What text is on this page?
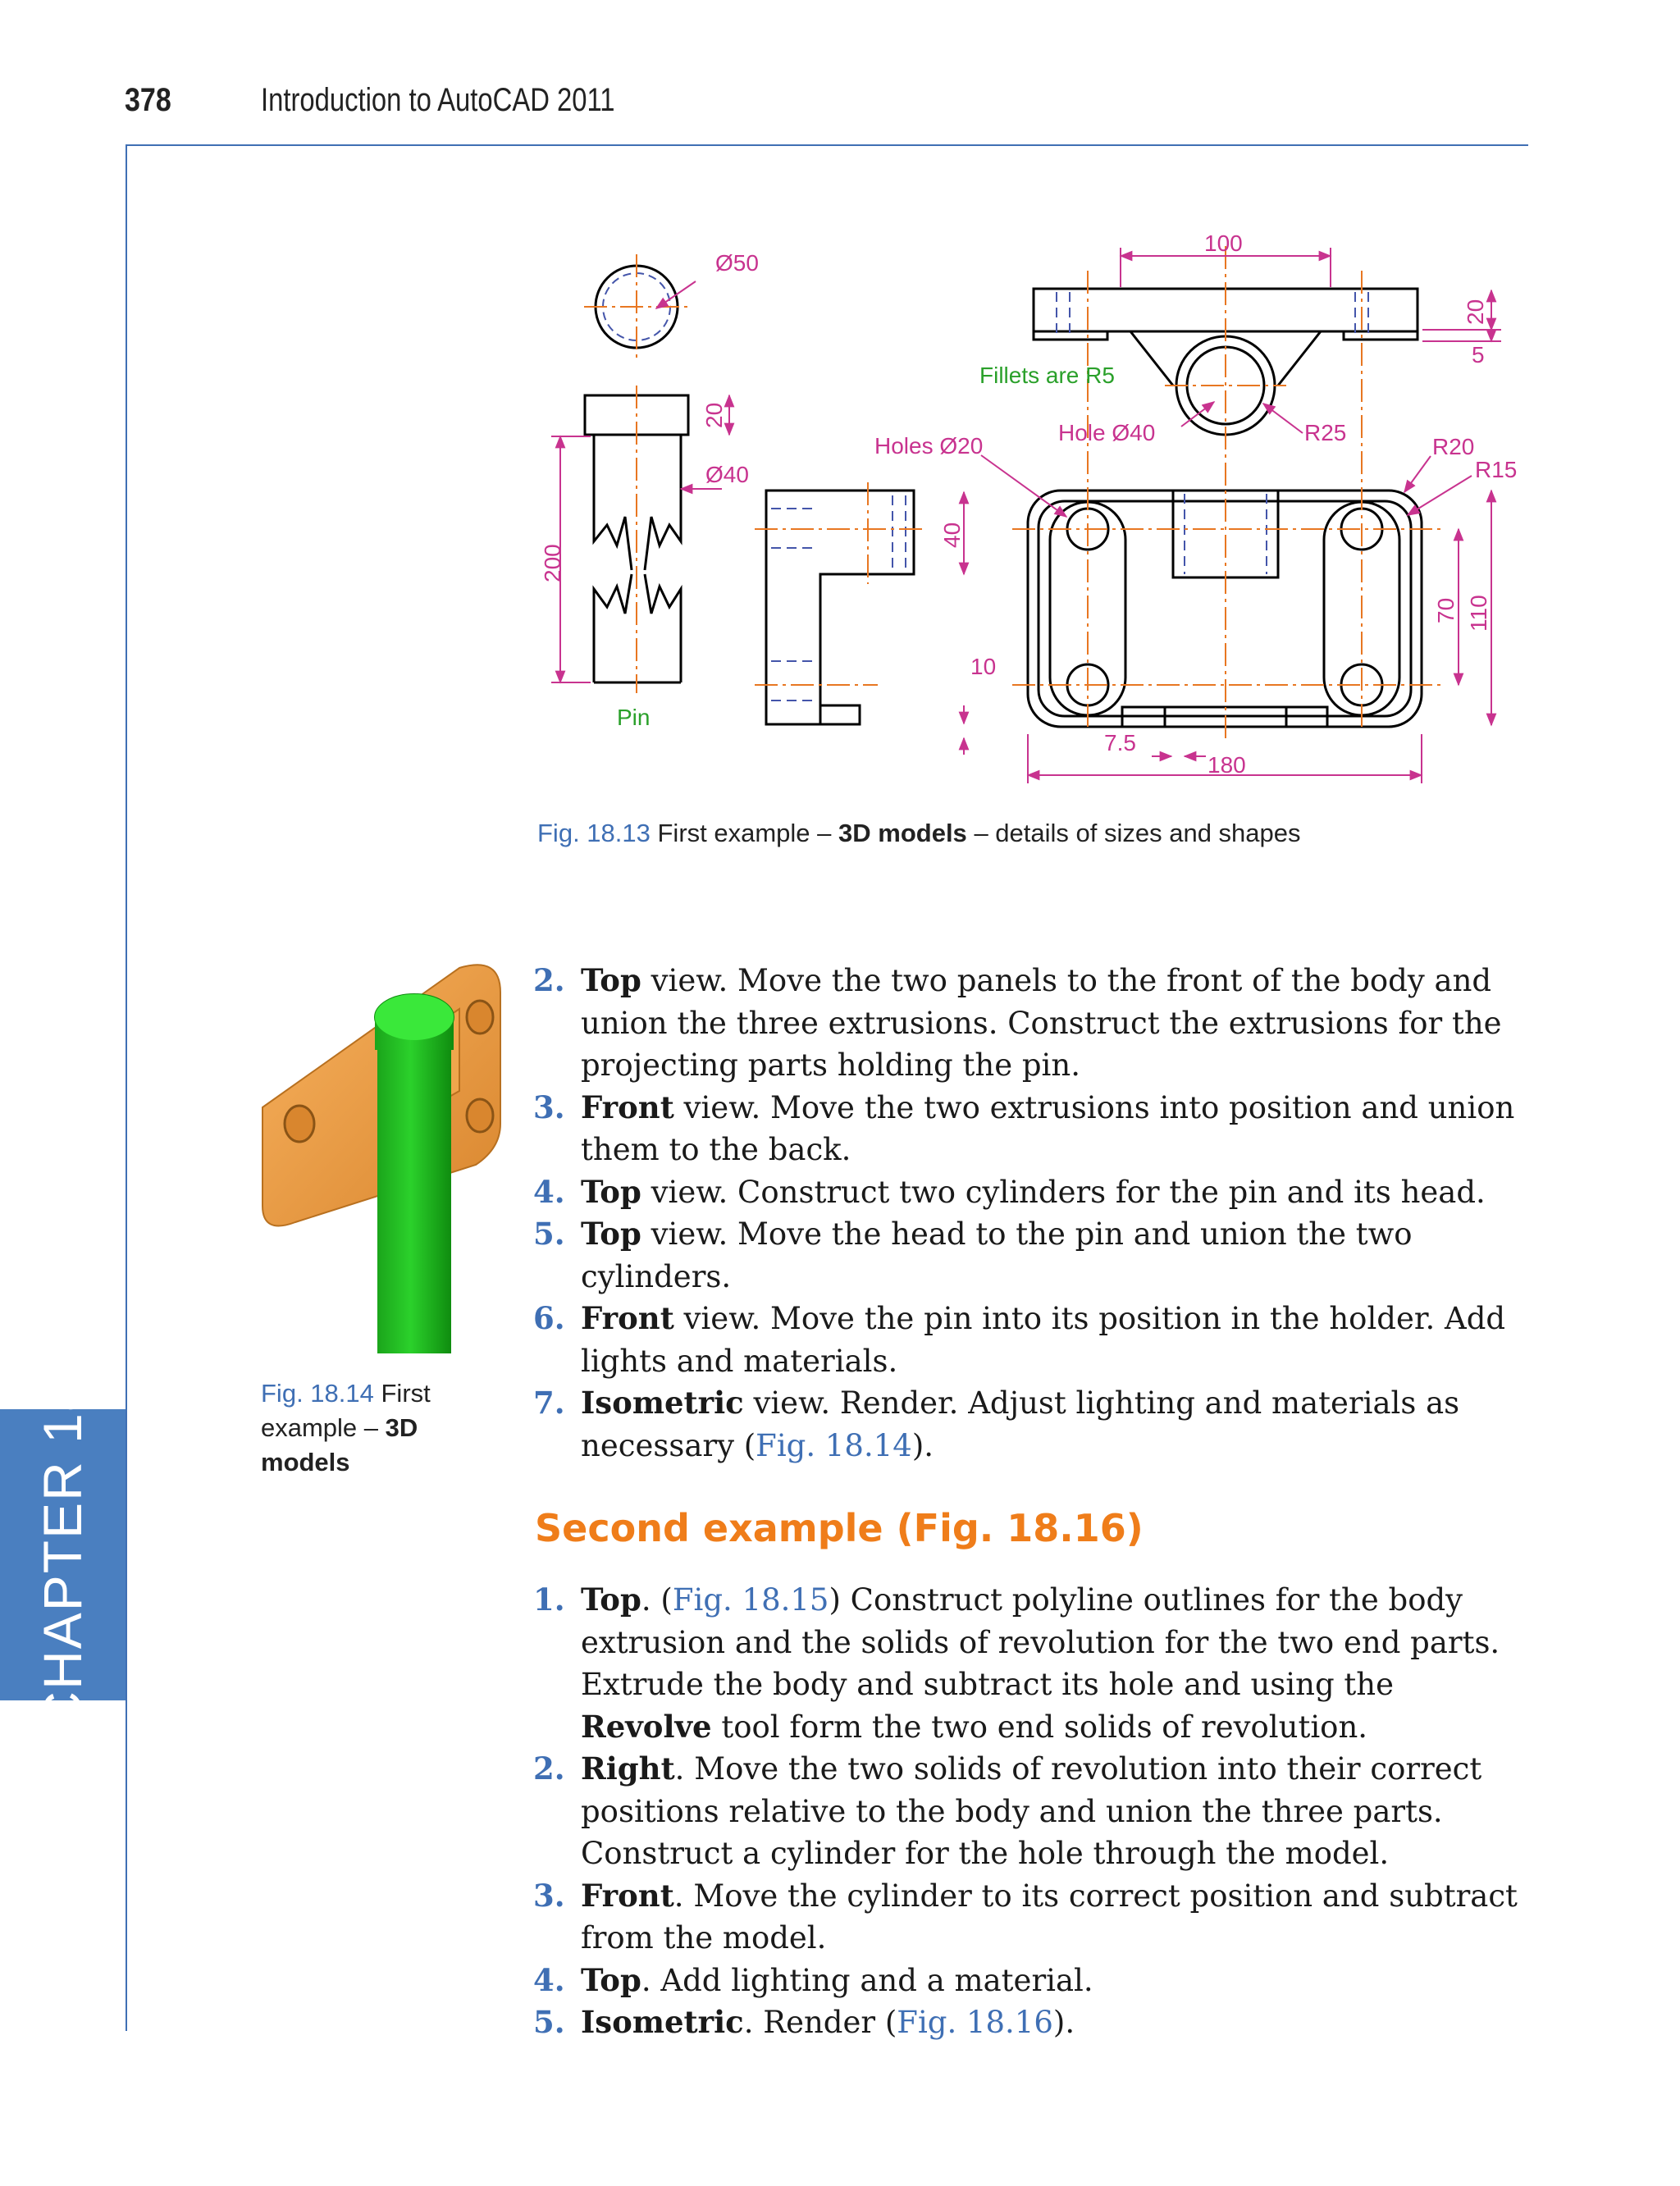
378	Introduction to AutoCAD 2011
CHAPTER 18
Ø50
Ø40
20
200
Pin
100
20
5
Fillets are R5
Holes Ø20
Hole Ø40	R25
R20
R15
40
10
7.5
180
70 110
Fig. 18.13 First example – 3D models – details of sizes and shapes
Fig. 18.14 First example – 3D models
2. Top view. Move the two panels to the front of the body and union the three extrusions. Construct the extrusions for the projecting parts holding the pin.
3. Front view. Move the two extrusions into position and union them to the back.
4. Top view. Construct two cylinders for the pin and its head.
5. Top view. Move the head to the pin and union the two cylinders.
6. Front view. Move the pin into its position in the holder. Add lights and materials.
7. Isometric view. Render. Adjust lighting and materials as necessary (Fig. 18.14).
Second example (Fig. 18.16)
1. Top. (Fig. 18.15) Construct polyline outlines for the body extrusion and the solids of revolution for the two end parts. Extrude the body and subtract its hole and using the Revolve tool form the two end solids of revolution.
2. Right. Move the two solids of revolution into their correct positions relative to the body and union the three parts. Construct a cylinder for the hole through the model.
3. Front. Move the cylinder to its correct position and subtract from the model.
4. Top. Add lighting and a material.
5. Isometric. Render (Fig. 18.16).
